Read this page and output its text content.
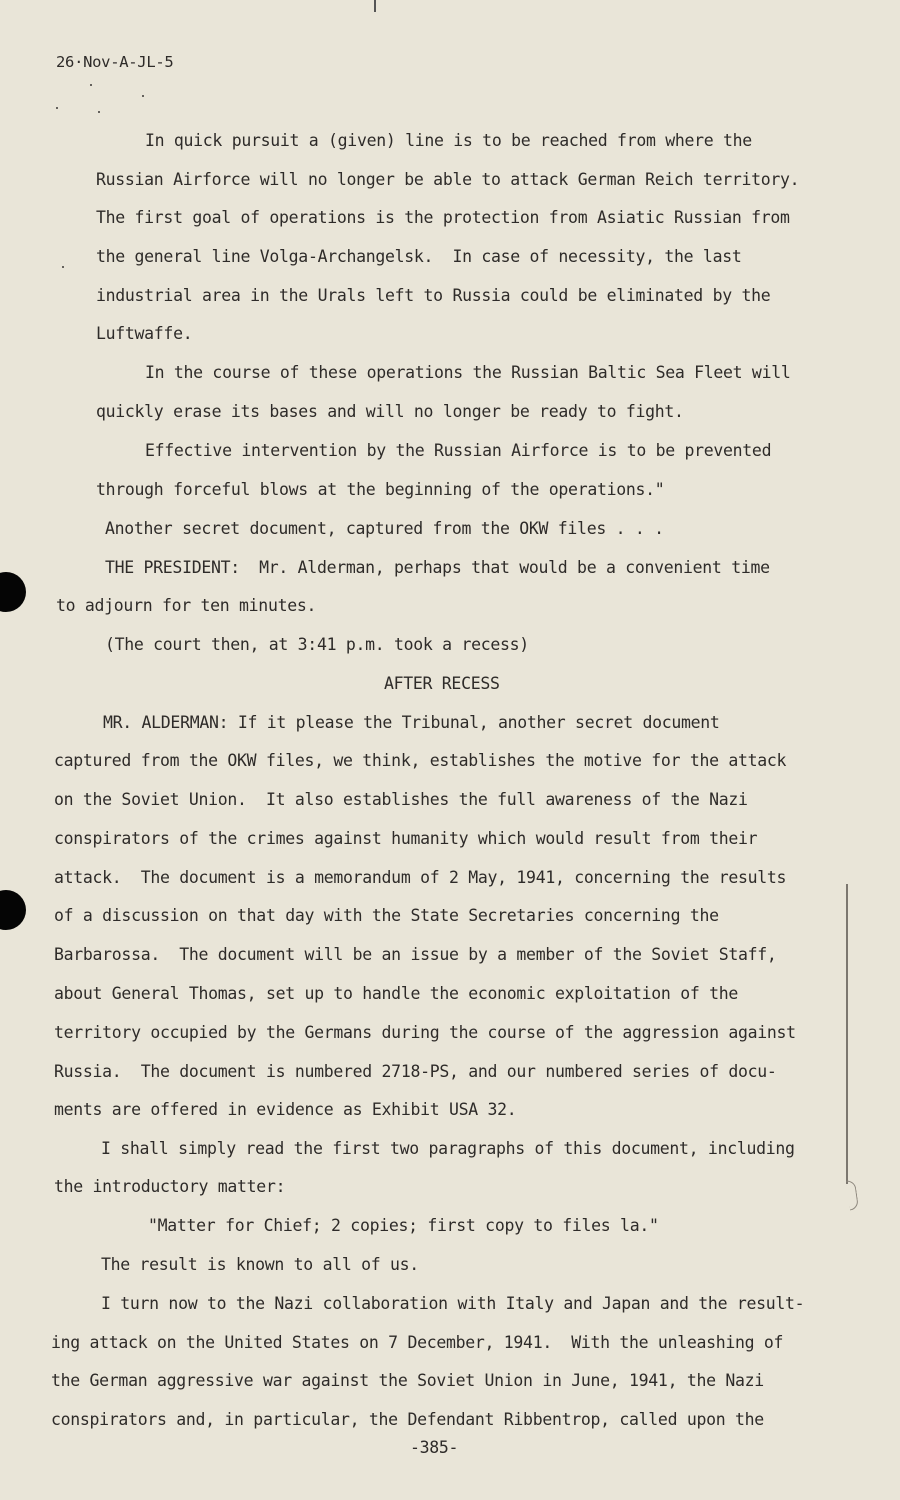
26·Nov-A-JL-5
In quick pursuit a (given) line is to be reached from where the
Russian Airforce will no longer be able to attack German Reich territory.
The first goal of operations is the protection from Asiatic Russian from
the general line Volga-Archangelsk.  In case of necessity, the last
industrial area in the Urals left to Russia could be eliminated by the
Luftwaffe.
In the course of these operations the Russian Baltic Sea Fleet will
quickly erase its bases and will no longer be ready to fight.
Effective intervention by the Russian Airforce is to be prevented
through forceful blows at the beginning of the operations."
Another secret document, captured from the OKW files . . .
THE PRESIDENT:  Mr. Alderman, perhaps that would be a convenient time
to adjourn for ten minutes.
(The court then, at 3:41 p.m. took a recess)
AFTER RECESS
MR. ALDERMAN: If it please the Tribunal, another secret document
captured from the OKW files, we think, establishes the motive for the attack
on the Soviet Union.  It also establishes the full awareness of the Nazi
conspirators of the crimes against humanity which would result from their
attack.  The document is a memorandum of 2 May, 1941, concerning the results
of a discussion on that day with the State Secretaries concerning the
Barbarossa.  The document will be an issue by a member of the Soviet Staff,
about General Thomas, set up to handle the economic exploitation of the
territory occupied by the Germans during the course of the aggression against
Russia.  The document is numbered 2718-PS, and our numbered series of docu-
ments are offered in evidence as Exhibit USA 32.
I shall simply read the first two paragraphs of this document, including
the introductory matter:
"Matter for Chief; 2 copies; first copy to files la."
The result is known to all of us.
I turn now to the Nazi collaboration with Italy and Japan and the result-
ing attack on the United States on 7 December, 1941.  With the unleashing of
the German aggressive war against the Soviet Union in June, 1941, the Nazi
conspirators and, in particular, the Defendant Ribbentrop, called upon the
-385-
